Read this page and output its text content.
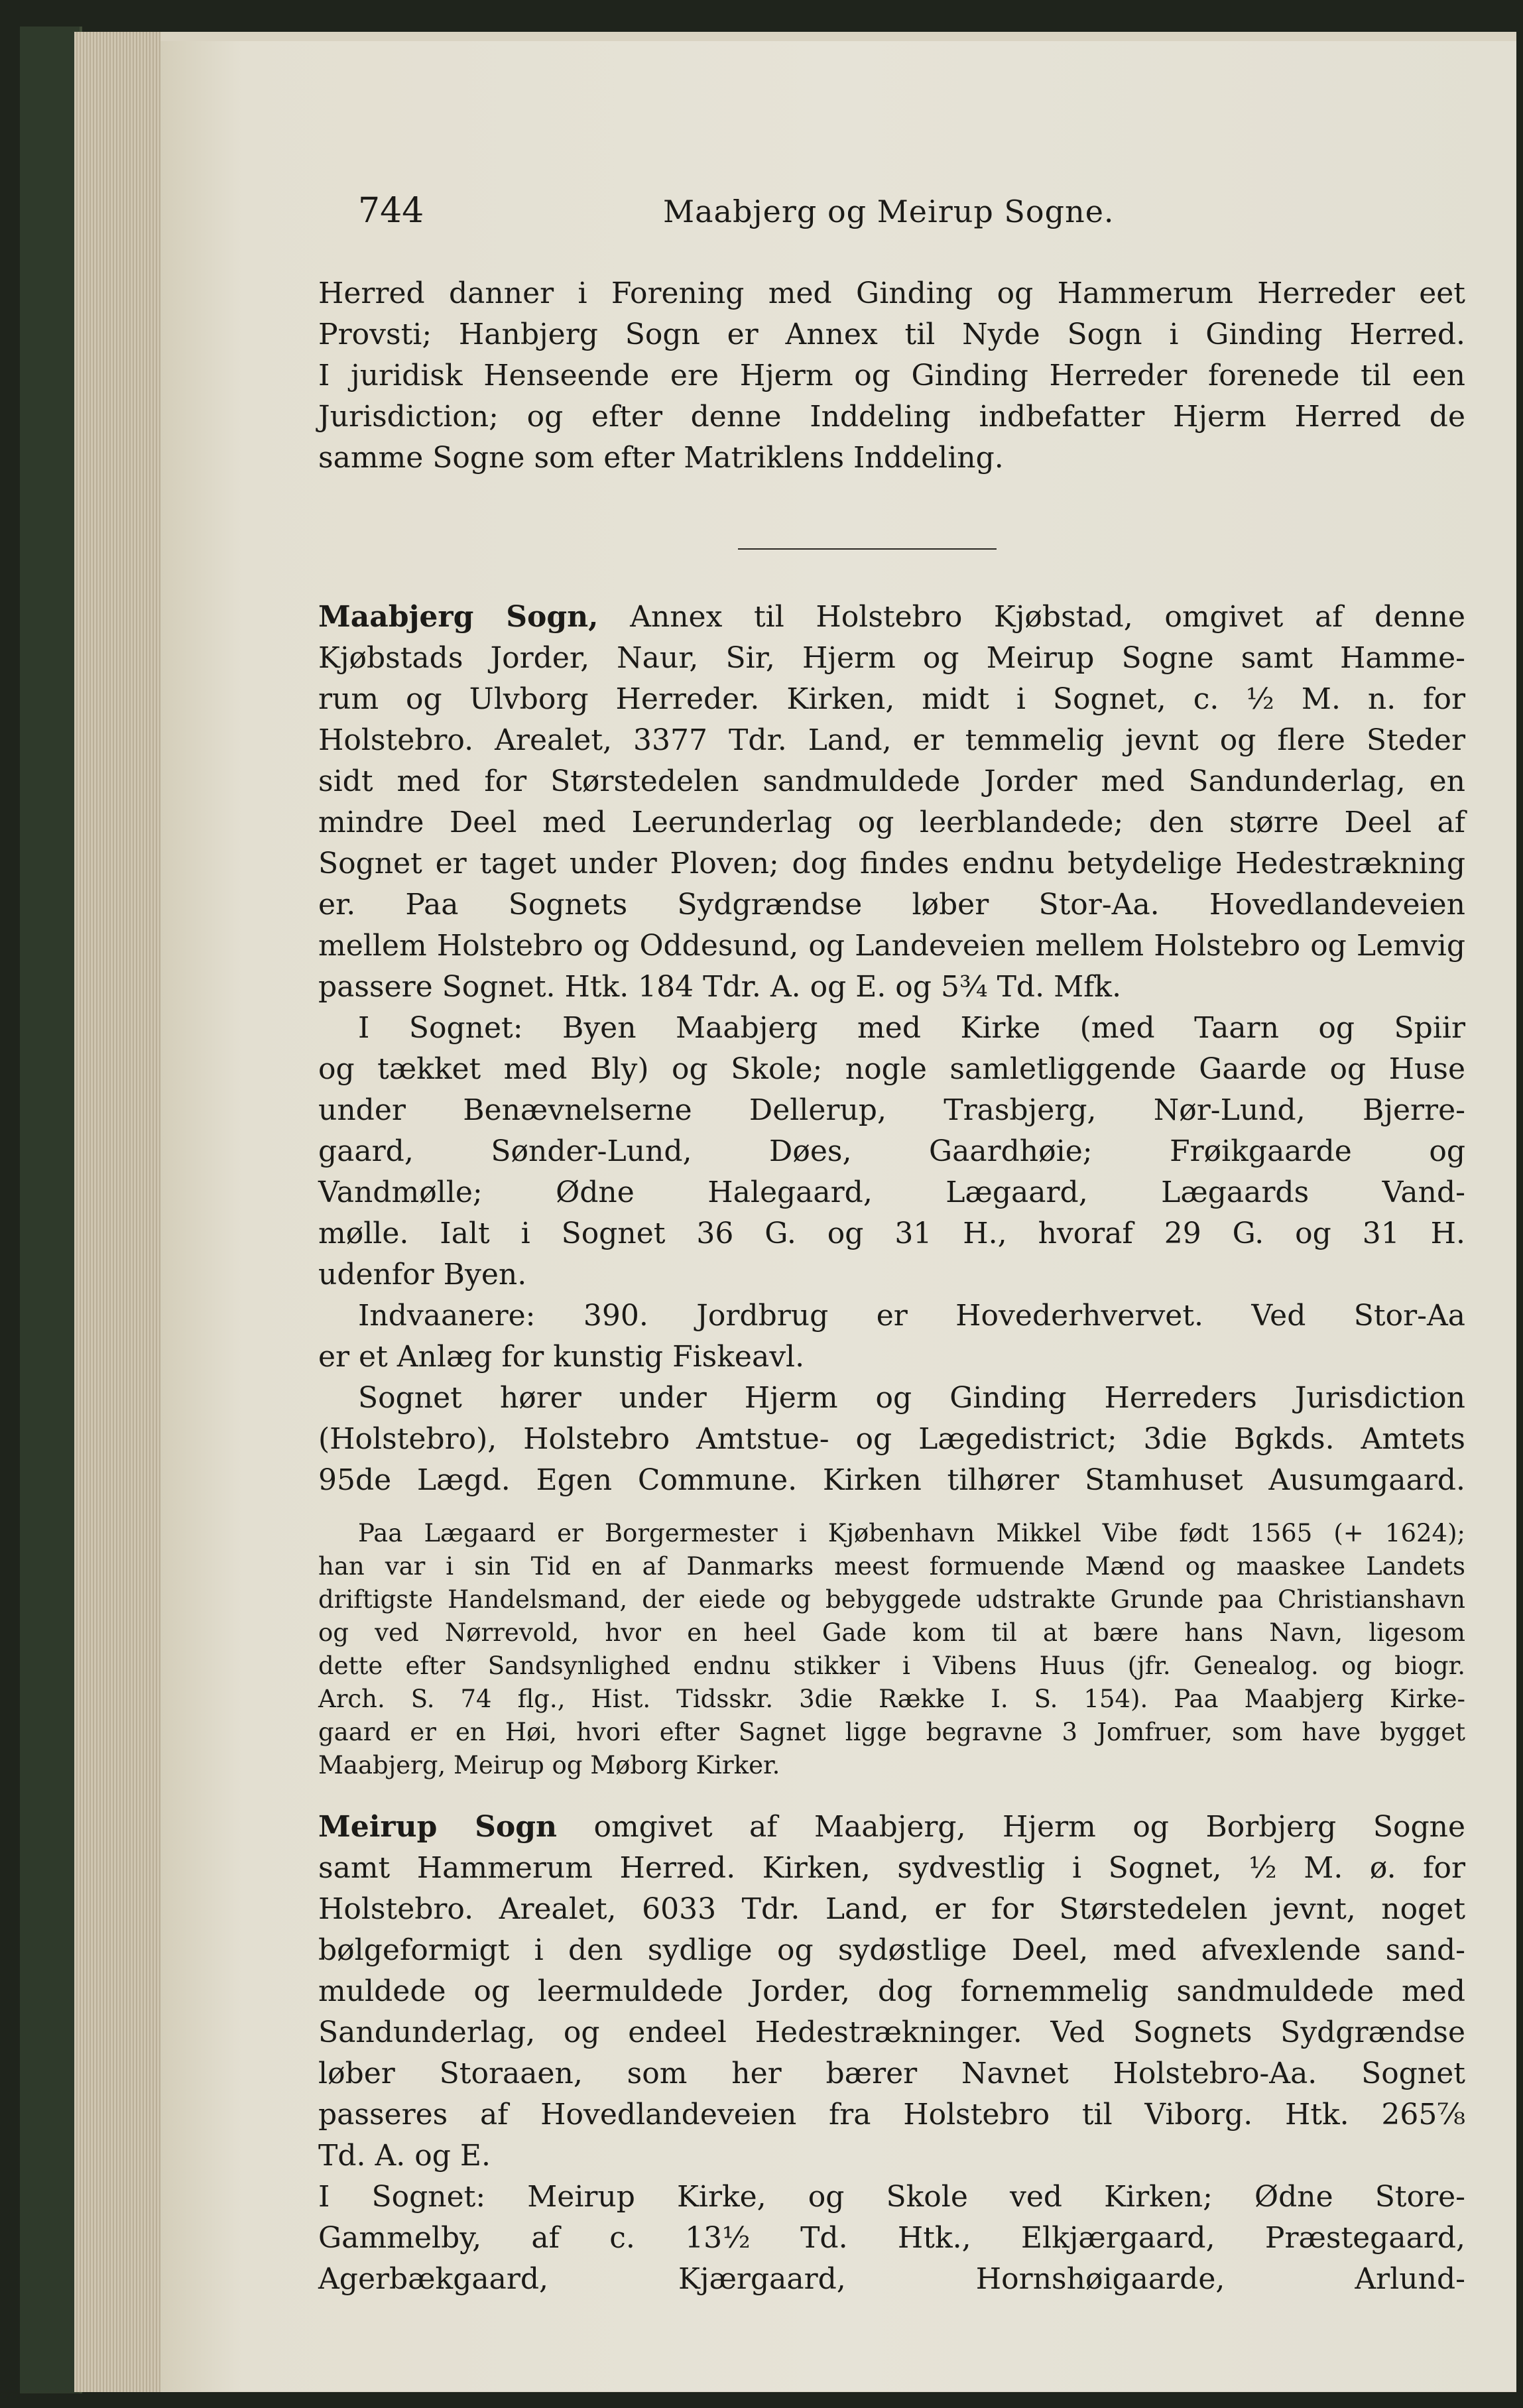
744	Maabjerg og Meirup Sogne.
Herred danner i Forening med Ginding og Hammerum Herreder eet
Provsti; Hanbjerg Sogn er Annex til Nyde Sogn i Ginding Herred.
I juridisk Henseende ere Hjerm og Ginding Herreder forenede til een
Jurisdiction; og efter denne Inddeling indbefatter Hjerm Herred de
samme Sogne som efter Matriklens Inddeling.
Maabjerg Sogn, Annex til Holstebro Kjøbstad, omgivet af denne
Kjøbstads Jorder, Naur, Sir, Hjerm og Meirup Sogne samt Hamme-
rum og Ulvborg Herreder. Kirken, midt i Sognet, c. ½ M. n. for
Holstebro. Arealet, 3377 Tdr. Land, er temmelig jevnt og flere Steder
sidt med for Størstedelen sandmuldede Jorder med Sandunderlag, en
mindre Deel med Leerunderlag og leerblandede; den større Deel af
Sognet er taget under Ploven; dog findes endnu betydelige Hedestrækning
er. Paa Sognets Sydgrændse løber Stor-Aa. Hovedlandeveien
mellem Holstebro og Oddesund, og Landeveien mellem Holstebro og Lemvig
passere Sognet. Htk. 184 Tdr. A. og E. og 5¾ Td. Mfk.
I Sognet: Byen Maabjerg med Kirke (med Taarn og Spiir
og tækket med Bly) og Skole; nogle samletliggende Gaarde og Huse
under Benævnelserne Dellerup, Trasbjerg, Nør-Lund, Bjerre-
gaard, Sønder-Lund, Døes, Gaardhøie; Frøikgaarde og
Vandmølle; Ødne Halegaard, Lægaard, Lægaards Vand-
mølle. Ialt i Sognet 36 G. og 31 H., hvoraf 29 G. og 31 H.
udenfor Byen.
Indvaanere: 390. Jordbrug er Hovederhvervet. Ved Stor-Aa
er et Anlæg for kunstig Fiskeavl.
Sognet hører under Hjerm og Ginding Herreders Jurisdiction
(Holstebro), Holstebro Amtstue- og Lægedistrict; 3die Bgkds. Amtets
95de Lægd. Egen Commune. Kirken tilhører Stamhuset Ausumgaard.
Paa Lægaard er Borgermester i Kjøbenhavn Mikkel Vibe født 1565 (+ 1624);
han var i sin Tid en af Danmarks meest formuende Mænd og maaskee Landets
driftigste Handelsmand, der eiede og bebyggede udstrakte Grunde paa Christianshavn
og ved Nørrevold, hvor en heel Gade kom til at bære hans Navn, ligesom
dette efter Sandsynlighed endnu stikker i Vibens Huus (jfr. Genealog. og biogr.
Arch. S. 74 flg., Hist. Tidsskr. 3die Række I. S. 154). Paa Maabjerg Kirke-
gaard er en Høi, hvori efter Sagnet ligge begravne 3 Jomfruer, som have bygget
Maabjerg, Meirup og Møborg Kirker.
Meirup Sogn omgivet af Maabjerg, Hjerm og Borbjerg Sogne
samt Hammerum Herred. Kirken, sydvestlig i Sognet, ½ M. ø. for
Holstebro. Arealet, 6033 Tdr. Land, er for Størstedelen jevnt, noget
bølgeformigt i den sydlige og sydøstlige Deel, med afvexlende sand-
muldede og leermuldede Jorder, dog fornemmelig sandmuldede med
Sandunderlag, og endeel Hedestrækninger. Ved Sognets Sydgrændse
løber Storaaen, som her bærer Navnet Holstebro-Aa. Sognet
passeres af Hovedlandeveien fra Holstebro til Viborg. Htk. 265⅞
Td. A. og E.
I Sognet: Meirup Kirke, og Skole ved Kirken; Ødne Store-
Gammelby, af c. 13½ Td. Htk., Elkjærgaard, Præstegaard,
Agerbækgaard, Kjærgaard, Hornshøigaarde, Arlund-
